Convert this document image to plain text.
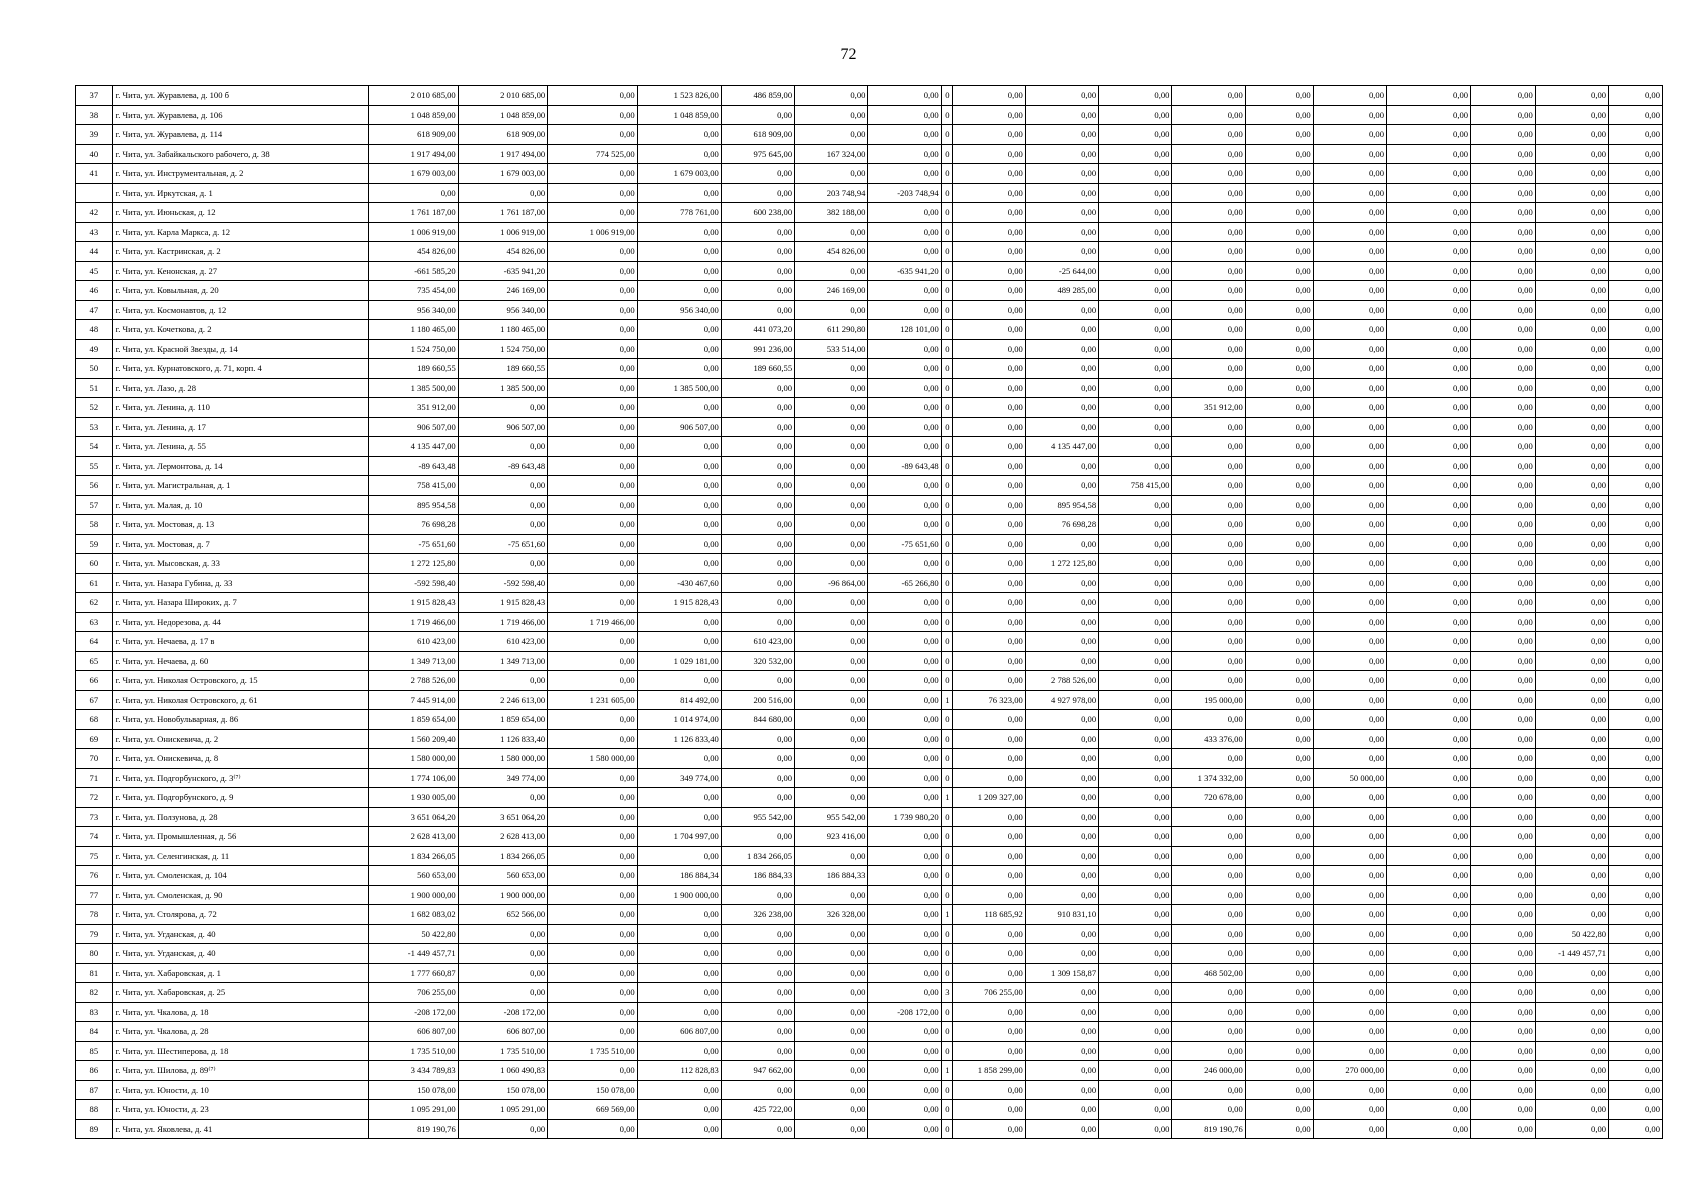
72
37	г. Чита, ул. Журавлева, д. 100 б	2 010 685,00	2 010 685,00	0,00	1 523 826,00	486 859,00	0,00	0,00	0	0,00	0,00	0,00	0,00	0,00	0,00	0,00	0,00	0,00	0,00
38	г. Чита, ул. Журавлева, д. 106	1 048 859,00	1 048 859,00	0,00	1 048 859,00	0,00	0,00	0,00	0	0,00	0,00	0,00	0,00	0,00	0,00	0,00	0,00	0,00	0,00
39	г. Чита, ул. Журавлева, д. 114	618 909,00	618 909,00	0,00	0,00	618 909,00	0,00	0,00	0	0,00	0,00	0,00	0,00	0,00	0,00	0,00	0,00	0,00	0,00
40	г. Чита, ул. Забайкальского рабочего, д. 38	1 917 494,00	1 917 494,00	774 525,00	0,00	975 645,00	167 324,00	0,00	0	0,00	0,00	0,00	0,00	0,00	0,00	0,00	0,00	0,00	0,00
41	г. Чита, ул. Инструментальная, д. 2	1 679 003,00	1 679 003,00	0,00	1 679 003,00	0,00	0,00	0,00	0	0,00	0,00	0,00	0,00	0,00	0,00	0,00	0,00	0,00	0,00
	г. Чита, ул. Иркутская, д. 1	0,00	0,00	0,00	0,00	0,00	203 748,94	-203 748,94	0	0,00	0,00	0,00	0,00	0,00	0,00	0,00	0,00	0,00	0,00
42	г. Чита, ул. Июньская, д. 12	1 761 187,00	1 761 187,00	0,00	778 761,00	600 238,00	382 188,00	0,00	0	0,00	0,00	0,00	0,00	0,00	0,00	0,00	0,00	0,00	0,00
43	г. Чита, ул. Карла Маркса, д. 12	1 006 919,00	1 006 919,00	1 006 919,00	0,00	0,00	0,00	0,00	0	0,00	0,00	0,00	0,00	0,00	0,00	0,00	0,00	0,00	0,00
44	г. Чита, ул. Кастринская, д. 2	454 826,00	454 826,00	0,00	0,00	0,00	454 826,00	0,00	0	0,00	0,00	0,00	0,00	0,00	0,00	0,00	0,00	0,00	0,00
45	г. Чита, ул. Кенонская, д. 27	-661 585,20	-635 941,20	0,00	0,00	0,00	0,00	-635 941,20	0	0,00	-25 644,00	0,00	0,00	0,00	0,00	0,00	0,00	0,00	0,00
46	г. Чита, ул. Ковыльная, д. 20	735 454,00	246 169,00	0,00	0,00	0,00	246 169,00	0,00	0	0,00	489 285,00	0,00	0,00	0,00	0,00	0,00	0,00	0,00	0,00
47	г. Чита, ул. Космонавтов, д. 12	956 340,00	956 340,00	0,00	956 340,00	0,00	0,00	0,00	0	0,00	0,00	0,00	0,00	0,00	0,00	0,00	0,00	0,00	0,00
48	г. Чита, ул. Кочеткова, д. 2	1 180 465,00	1 180 465,00	0,00	0,00	441 073,20	611 290,80	128 101,00	0	0,00	0,00	0,00	0,00	0,00	0,00	0,00	0,00	0,00	0,00
49	г. Чита, ул. Красной Звезды, д. 14	1 524 750,00	1 524 750,00	0,00	0,00	991 236,00	533 514,00	0,00	0	0,00	0,00	0,00	0,00	0,00	0,00	0,00	0,00	0,00	0,00
50	г. Чита, ул. Курнатовского, д. 71, корп. 4	189 660,55	189 660,55	0,00	0,00	189 660,55	0,00	0,00	0	0,00	0,00	0,00	0,00	0,00	0,00	0,00	0,00	0,00	0,00
51	г. Чита, ул. Лазо, д. 28	1 385 500,00	1 385 500,00	0,00	1 385 500,00	0,00	0,00	0,00	0	0,00	0,00	0,00	0,00	0,00	0,00	0,00	0,00	0,00	0,00
52	г. Чита, ул. Ленина, д. 110	351 912,00	0,00	0,00	0,00	0,00	0,00	0,00	0	0,00	0,00	0,00	351 912,00	0,00	0,00	0,00	0,00	0,00	0,00
53	г. Чита, ул. Ленина, д. 17	906 507,00	906 507,00	0,00	906 507,00	0,00	0,00	0,00	0	0,00	0,00	0,00	0,00	0,00	0,00	0,00	0,00	0,00	0,00
54	г. Чита, ул. Ленина, д. 55	4 135 447,00	0,00	0,00	0,00	0,00	0,00	0,00	0	0,00	4 135 447,00	0,00	0,00	0,00	0,00	0,00	0,00	0,00	0,00
55	г. Чита, ул. Лермонтова, д. 14	-89 643,48	-89 643,48	0,00	0,00	0,00	0,00	-89 643,48	0	0,00	0,00	0,00	0,00	0,00	0,00	0,00	0,00	0,00	0,00
56	г. Чита, ул. Магистральная, д. 1	758 415,00	0,00	0,00	0,00	0,00	0,00	0,00	0	0,00	0,00	758 415,00	0,00	0,00	0,00	0,00	0,00	0,00	0,00
57	г. Чита, ул. Малая, д. 10	895 954,58	0,00	0,00	0,00	0,00	0,00	0,00	0	0,00	895 954,58	0,00	0,00	0,00	0,00	0,00	0,00	0,00	0,00
58	г. Чита, ул. Мостовая, д. 13	76 698,28	0,00	0,00	0,00	0,00	0,00	0,00	0	0,00	76 698,28	0,00	0,00	0,00	0,00	0,00	0,00	0,00	0,00
59	г. Чита, ул. Мостовая, д. 7	-75 651,60	-75 651,60	0,00	0,00	0,00	0,00	-75 651,60	0	0,00	0,00	0,00	0,00	0,00	0,00	0,00	0,00	0,00	0,00
60	г. Чита, ул. Мысовская, д. 33	1 272 125,80	0,00	0,00	0,00	0,00	0,00	0,00	0	0,00	1 272 125,80	0,00	0,00	0,00	0,00	0,00	0,00	0,00	0,00
61	г. Чита, ул. Назара Губина, д. 33	-592 598,40	-592 598,40	0,00	-430 467,60	0,00	-96 864,00	-65 266,80	0	0,00	0,00	0,00	0,00	0,00	0,00	0,00	0,00	0,00	0,00
62	г. Чита, ул. Назара Широких, д. 7	1 915 828,43	1 915 828,43	0,00	1 915 828,43	0,00	0,00	0,00	0	0,00	0,00	0,00	0,00	0,00	0,00	0,00	0,00	0,00	0,00
63	г. Чита, ул. Недорезова, д. 44	1 719 466,00	1 719 466,00	1 719 466,00	0,00	0,00	0,00	0,00	0	0,00	0,00	0,00	0,00	0,00	0,00	0,00	0,00	0,00	0,00
64	г. Чита, ул. Нечаева, д. 17 в	610 423,00	610 423,00	0,00	0,00	610 423,00	0,00	0,00	0	0,00	0,00	0,00	0,00	0,00	0,00	0,00	0,00	0,00	0,00
65	г. Чита, ул. Нечаева, д. 60	1 349 713,00	1 349 713,00	0,00	1 029 181,00	320 532,00	0,00	0,00	0	0,00	0,00	0,00	0,00	0,00	0,00	0,00	0,00	0,00	0,00
66	г. Чита, ул. Николая Островского, д. 15	2 788 526,00	0,00	0,00	0,00	0,00	0,00	0,00	0	0,00	2 788 526,00	0,00	0,00	0,00	0,00	0,00	0,00	0,00	0,00
67	г. Чита, ул. Николая Островского, д. 61	7 445 914,00	2 246 613,00	1 231 605,00	814 492,00	200 516,00	0,00	0,00	1	76 323,00	4 927 978,00	0,00	195 000,00	0,00	0,00	0,00	0,00	0,00	0,00
68	г. Чита, ул. Новобульварная, д. 86	1 859 654,00	1 859 654,00	0,00	1 014 974,00	844 680,00	0,00	0,00	0	0,00	0,00	0,00	0,00	0,00	0,00	0,00	0,00	0,00	0,00
69	г. Чита, ул. Онискевича, д. 2	1 560 209,40	1 126 833,40	0,00	1 126 833,40	0,00	0,00	0,00	0	0,00	0,00	0,00	433 376,00	0,00	0,00	0,00	0,00	0,00	0,00
70	г. Чита, ул. Онискевича, д. 8	1 580 000,00	1 580 000,00	1 580 000,00	0,00	0,00	0,00	0,00	0	0,00	0,00	0,00	0,00	0,00	0,00	0,00	0,00	0,00	0,00
71	г. Чита, ул. Подгорбунского, д. 3⁽⁷⁾	1 774 106,00	349 774,00	0,00	349 774,00	0,00	0,00	0,00	0	0,00	0,00	0,00	1 374 332,00	0,00	50 000,00	0,00	0,00	0,00	0,00
72	г. Чита, ул. Подгорбунского, д. 9	1 930 005,00	0,00	0,00	0,00	0,00	0,00	0,00	1	1 209 327,00	0,00	0,00	720 678,00	0,00	0,00	0,00	0,00	0,00	0,00
73	г. Чита, ул. Ползунова, д. 28	3 651 064,20	3 651 064,20	0,00	0,00	955 542,00	955 542,00	1 739 980,20	0	0,00	0,00	0,00	0,00	0,00	0,00	0,00	0,00	0,00	0,00
74	г. Чита, ул. Промышленная, д. 56	2 628 413,00	2 628 413,00	0,00	1 704 997,00	0,00	923 416,00	0,00	0	0,00	0,00	0,00	0,00	0,00	0,00	0,00	0,00	0,00	0,00
75	г. Чита, ул. Селенгинская, д. 11	1 834 266,05	1 834 266,05	0,00	0,00	1 834 266,05	0,00	0,00	0	0,00	0,00	0,00	0,00	0,00	0,00	0,00	0,00	0,00	0,00
76	г. Чита, ул. Смоленская, д. 104	560 653,00	560 653,00	0,00	186 884,34	186 884,33	186 884,33	0,00	0	0,00	0,00	0,00	0,00	0,00	0,00	0,00	0,00	0,00	0,00
77	г. Чита, ул. Смоленская, д. 90	1 900 000,00	1 900 000,00	0,00	1 900 000,00	0,00	0,00	0,00	0	0,00	0,00	0,00	0,00	0,00	0,00	0,00	0,00	0,00	0,00
78	г. Чита, ул. Столярова, д. 72	1 682 083,02	652 566,00	0,00	0,00	326 238,00	326 328,00	0,00	1	118 685,92	910 831,10	0,00	0,00	0,00	0,00	0,00	0,00	0,00	0,00
79	г. Чита, ул. Угданская, д. 40	50 422,80	0,00	0,00	0,00	0,00	0,00	0,00	0	0,00	0,00	0,00	0,00	0,00	0,00	0,00	0,00	50 422,80	0,00
80	г. Чита, ул. Угданская, д. 40	-1 449 457,71	0,00	0,00	0,00	0,00	0,00	0,00	0	0,00	0,00	0,00	0,00	0,00	0,00	0,00	0,00	-1 449 457,71	0,00
81	г. Чита, ул. Хабаровская, д. 1	1 777 660,87	0,00	0,00	0,00	0,00	0,00	0,00	0	0,00	1 309 158,87	0,00	468 502,00	0,00	0,00	0,00	0,00	0,00	0,00
82	г. Чита, ул. Хабаровская, д. 25	706 255,00	0,00	0,00	0,00	0,00	0,00	0,00	3	706 255,00	0,00	0,00	0,00	0,00	0,00	0,00	0,00	0,00	0,00
83	г. Чита, ул. Чкалова, д. 18	-208 172,00	-208 172,00	0,00	0,00	0,00	0,00	-208 172,00	0	0,00	0,00	0,00	0,00	0,00	0,00	0,00	0,00	0,00	0,00
84	г. Чита, ул. Чкалова, д. 28	606 807,00	606 807,00	0,00	606 807,00	0,00	0,00	0,00	0	0,00	0,00	0,00	0,00	0,00	0,00	0,00	0,00	0,00	0,00
85	г. Чита, ул. Шестиперова, д. 18	1 735 510,00	1 735 510,00	1 735 510,00	0,00	0,00	0,00	0,00	0	0,00	0,00	0,00	0,00	0,00	0,00	0,00	0,00	0,00	0,00
86	г. Чита, ул. Шилова, д. 89⁽⁷⁾	3 434 789,83	1 060 490,83	0,00	112 828,83	947 662,00	0,00	0,00	1	1 858 299,00	0,00	0,00	246 000,00	0,00	270 000,00	0,00	0,00	0,00	0,00
87	г. Чита, ул. Юности, д. 10	150 078,00	150 078,00	150 078,00	0,00	0,00	0,00	0,00	0	0,00	0,00	0,00	0,00	0,00	0,00	0,00	0,00	0,00	0,00
88	г. Чита, ул. Юности, д. 23	1 095 291,00	1 095 291,00	669 569,00	0,00	425 722,00	0,00	0,00	0	0,00	0,00	0,00	0,00	0,00	0,00	0,00	0,00	0,00	0,00
89	г. Чита, ул. Яковлева, д. 41	819 190,76	0,00	0,00	0,00	0,00	0,00	0,00	0	0,00	0,00	0,00	819 190,76	0,00	0,00	0,00	0,00	0,00	0,00
